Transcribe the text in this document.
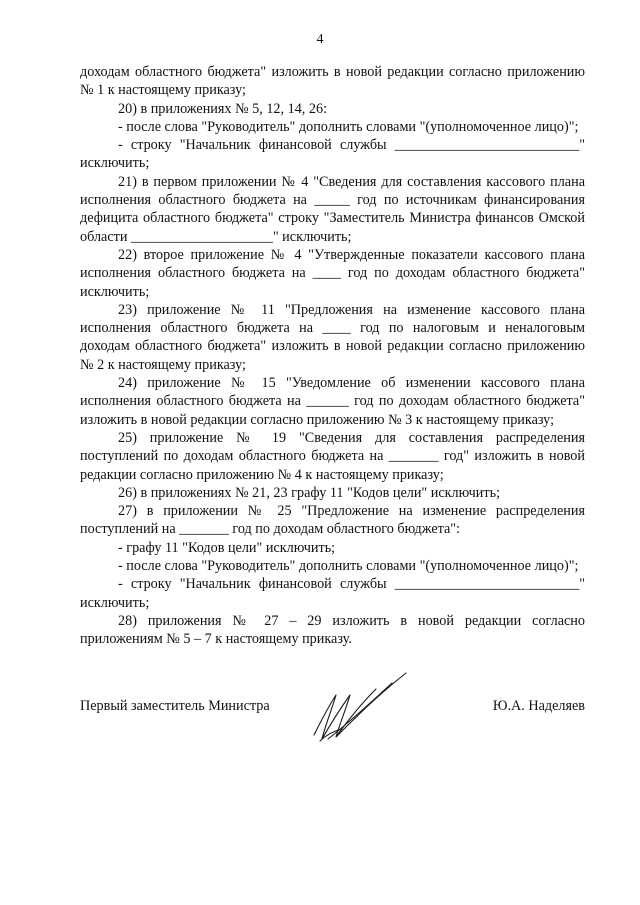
4

доходам областного бюджета" изложить в новой редакции согласно приложению № 1 к настоящему приказу;

20) в приложениях № 5, 12, 14, 26:

- после слова "Руководитель" дополнить словами "(уполномоченное лицо)";

- строку "Начальник финансовой службы __________________________" исключить;

21) в первом приложении № 4 "Сведения для составления кассового плана исполнения областного бюджета на _____ год по источникам финансирования дефицита областного бюджета" строку "Заместитель Министра финансов Омской области ____________________" исключить;

22) второе приложение № 4 "Утвержденные показатели кассового плана исполнения областного бюджета на ____ год по доходам областного бюджета" исключить;

23) приложение № 11 "Предложения на изменение кассового плана исполнения областного бюджета на ____ год по налоговым и неналоговым доходам областного бюджета" изложить в новой редакции согласно приложению № 2 к настоящему приказу;

24) приложение № 15 "Уведомление об изменении кассового плана исполнения областного бюджета на ______ год по доходам областного бюджета" изложить в новой редакции согласно приложению № 3 к настоящему приказу;

25) приложение № 19 "Сведения для составления распределения поступлений по доходам областного бюджета на _______ год" изложить в новой редакции согласно приложению № 4 к настоящему приказу;

26) в приложениях № 21, 23 графу 11 "Кодов цели" исключить;

27) в приложении № 25 "Предложение на изменение распределения поступлений на _______ год по доходам областного бюджета":

- графу 11 "Кодов цели" исключить;

- после слова "Руководитель" дополнить словами "(уполномоченное лицо)";

- строку "Начальник финансовой службы __________________________" исключить;

28) приложения № 27 – 29 изложить в новой редакции согласно приложениям № 5 – 7 к настоящему приказу.

Первый заместитель Министра	Ю.А. Наделяев
